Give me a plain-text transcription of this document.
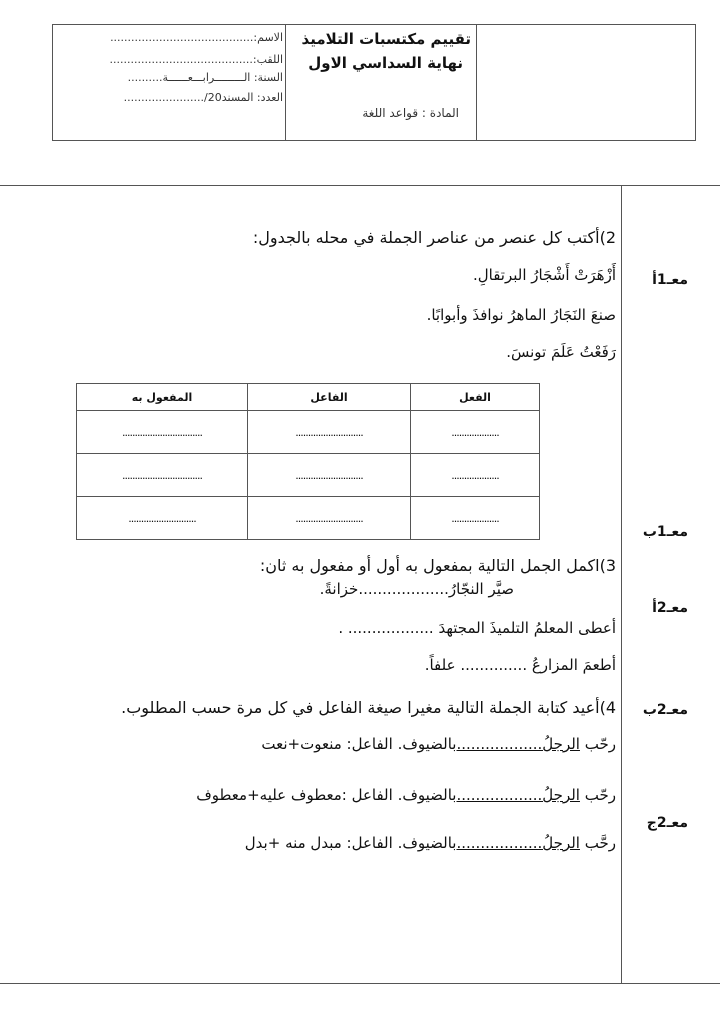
الاسم:.........................................
اللقب:.........................................
السنة: الـــــــــرابـــعــــــة..........
العدد: المسند20/.......................
تقييم مكتسبات التلاميذ
نهاية السداسي الاول
المادة : قواعد اللغة
معـ1أ
معـ1ب
معـ2أ
معـ2ب
معـ2ج
2)أكتب كل عنصر من عناصر الجملة في محله بالجدول:
أَزْهَرَتْ أَشْجَارُ البرتقالِ.
صنعَ النَجَارُ الماهرُ نوافذَ وأبوابًا.
رَفَعْتُ عَلَمَ تونسَ.
الفعل	الفاعل	المفعول به
...................	...........................	................................
...................	...........................	................................
...................	...........................	...........................
3)اكمل الجمل التالية بمفعول به أول أو مفعول به ثان:
صيَّر النجّارُ...................خزانةً.
أعطى المعلمُ التلميذَ المجتهدَ .................. .
أطعمَ المزارعُ .............. علفاً.
4)أعيد كتابة الجملة التالية مغيرا صيغة الفاعل في كل مرة حسب المطلوب.
رحّب الرجلُ..................بالضيوف. الفاعل: منعوت+نعت
رحّب الرجلُ..................بالضيوف. الفاعل :معطوف عليه+معطوف
رحَّب الرجلُ..................بالضيوف. الفاعل: مبدل منه +بدل
